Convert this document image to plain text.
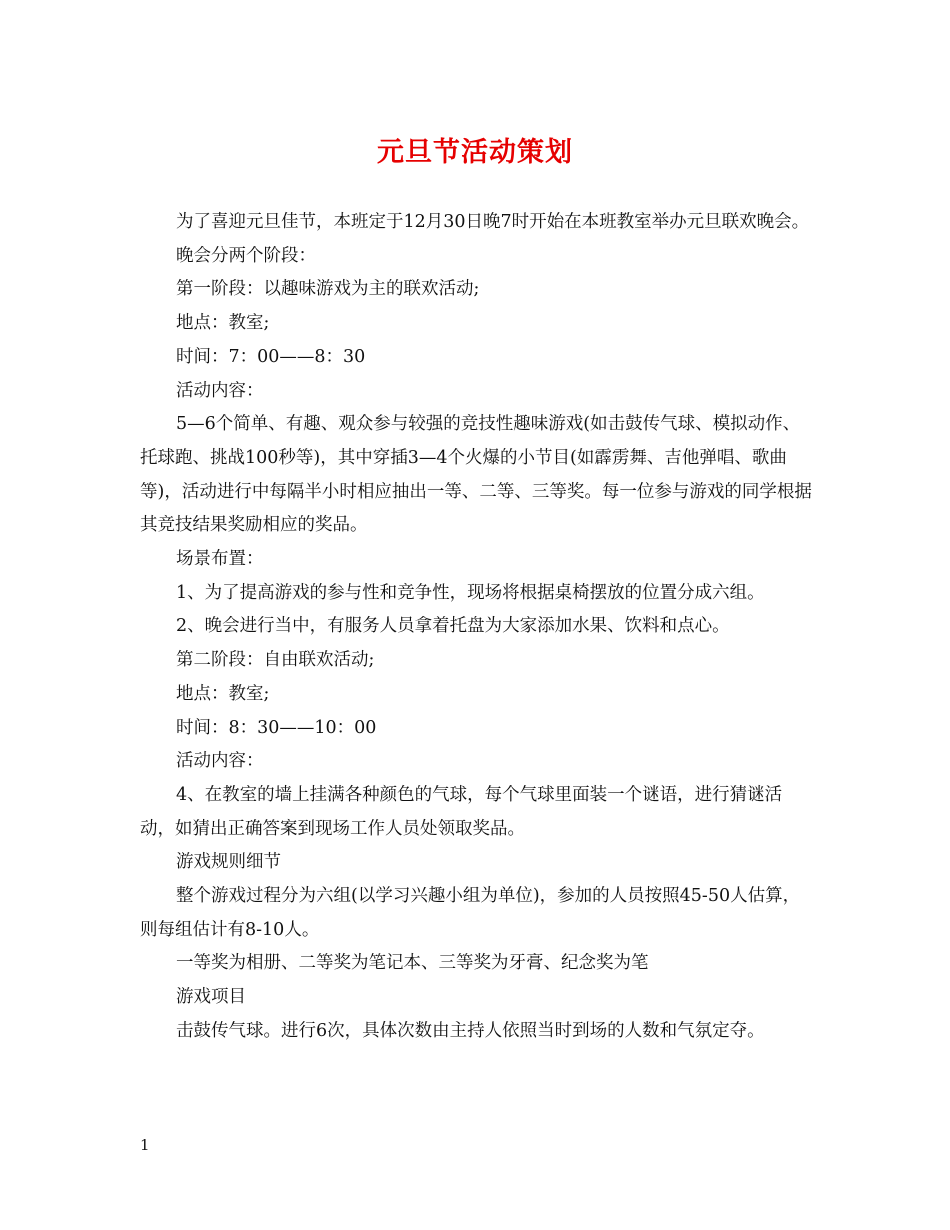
元旦节活动策划

为了喜迎元旦佳节，本班定于12月30日晚7时开始在本班教室举办元旦联欢晚会。

晚会分两个阶段：

第一阶段：以趣味游戏为主的联欢活动;

地点：教室;

时间：7：00——8：30

活动内容：

5—6个简单、有趣、观众参与较强的竞技性趣味游戏(如击鼓传气球、模拟动作、托球跑、挑战100秒等)，其中穿插3—4个火爆的小节目(如霹雳舞、吉他弹唱、歌曲等)，活动进行中每隔半小时相应抽出一等、二等、三等奖。每一位参与游戏的同学根据其竞技结果奖励相应的奖品。

场景布置：

1、为了提高游戏的参与性和竞争性，现场将根据桌椅摆放的位置分成六组。

2、晚会进行当中，有服务人员拿着托盘为大家添加水果、饮料和点心。

第二阶段：自由联欢活动;

地点：教室;

时间：8：30——10：00

活动内容：

4、在教室的墙上挂满各种颜色的气球，每个气球里面装一个谜语，进行猜谜活动，如猜出正确答案到现场工作人员处领取奖品。

游戏规则细节

整个游戏过程分为六组(以学习兴趣小组为单位)，参加的人员按照45-50人估算，则每组估计有8-10人。

一等奖为相册、二等奖为笔记本、三等奖为牙膏、纪念奖为笔

游戏项目

击鼓传气球。进行6次，具体次数由主持人依照当时到场的人数和气氛定夺。

1
